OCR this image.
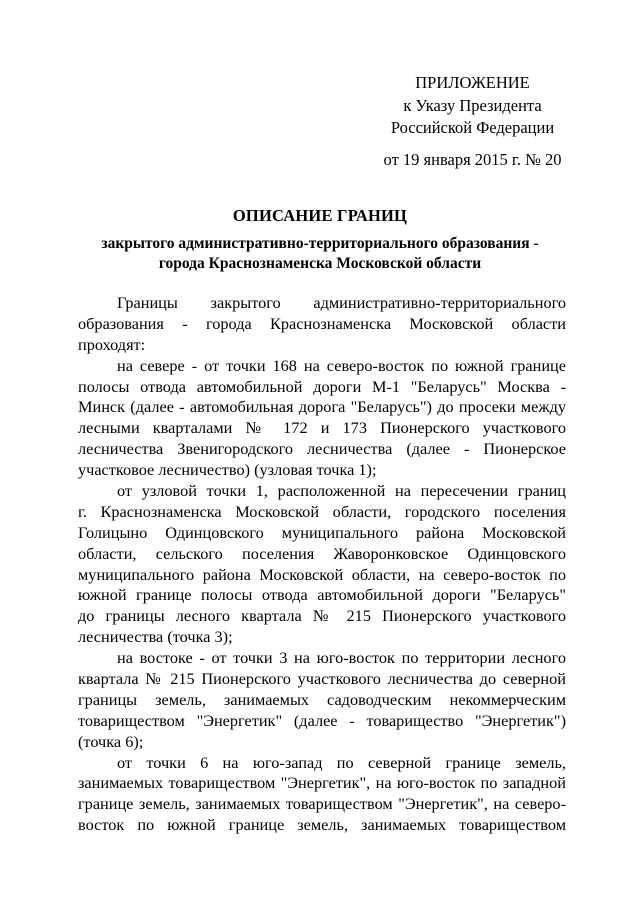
ПРИЛОЖЕНИЕ
к Указу Президента
Российской Федерации
от 19 января 2015 г. № 20
ОПИСАНИЕ ГРАНИЦ
закрытого административно-территориального образования -
города Краснознаменска Московской области
Границы закрытого административно-территориального
образования - города Краснознаменска Московской области
проходят:
на севере - от точки 168 на северо-восток по южной границе
полосы отвода автомобильной дороги М-1 "Беларусь" Москва -
Минск (далее - автомобильная дорога "Беларусь") до просеки между
лесными кварталами № 172 и 173 Пионерского участкового
лесничества Звенигородского лесничества (далее - Пионерское
участковое лесничество) (узловая точка 1);
от узловой точки 1, расположенной на пересечении границ
г. Краснознаменска Московской области, городского поселения
Голицыно Одинцовского муниципального района Московской
области, сельского поселения Жаворонковское Одинцовского
муниципального района Московской области, на северо-восток по
южной границе полосы отвода автомобильной дороги "Беларусь"
до границы лесного квартала № 215 Пионерского участкового
лесничества (точка 3);
на востоке - от точки 3 на юго-восток по территории лесного
квартала № 215 Пионерского участкового лесничества до северной
границы земель, занимаемых садоводческим некоммерческим
товариществом "Энергетик" (далее - товарищество "Энергетик")
(точка 6);
от точки 6 на юго-запад по северной границе земель,
занимаемых товариществом "Энергетик", на юго-восток по западной
границе земель, занимаемых товариществом "Энергетик", на северо-
восток по южной границе земель, занимаемых товариществом
